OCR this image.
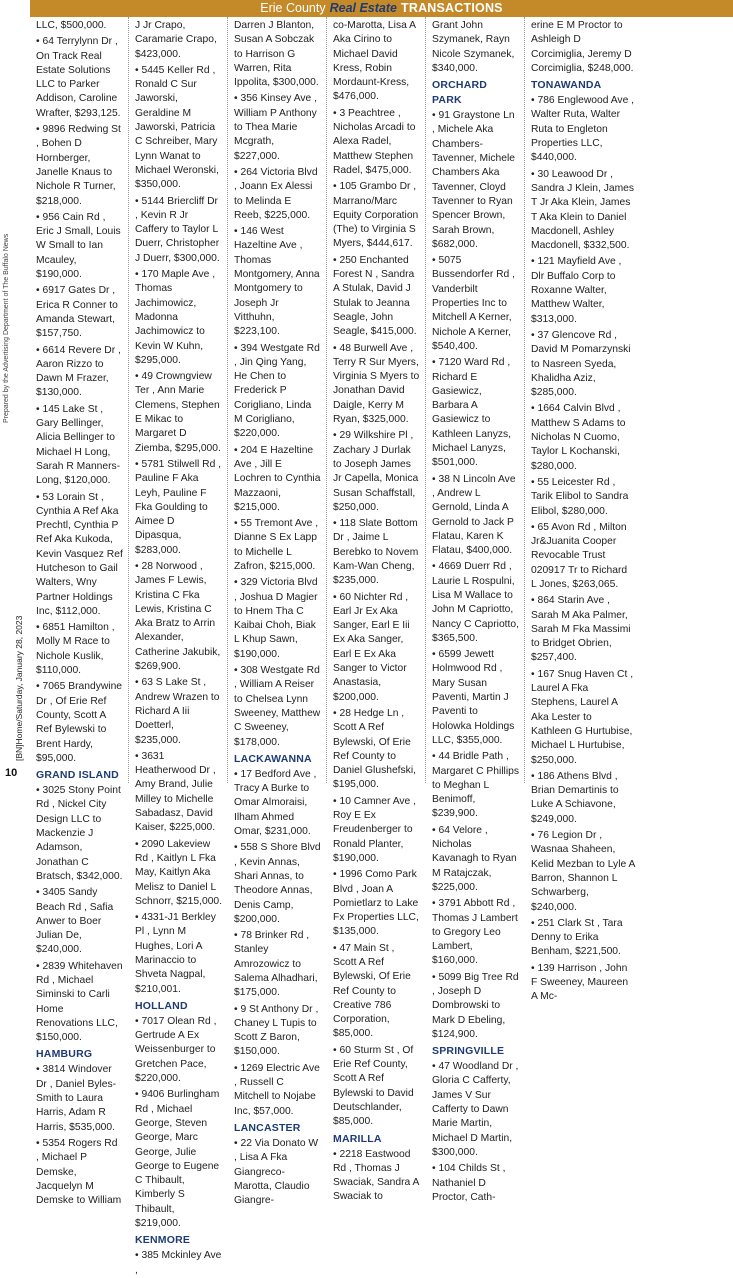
Erie County Real Estate TRANSACTIONS
Prepared by the Advertising Department of The Buffalo News
[BN]Home/Saturday, January 28, 2023
10
LLC, $500,000.
• 64 Terrylynn Dr , On Track Real Estate Solutions LLC to Parker Addison, Caroline Wrafter, $293,125.
• 9896 Redwing St , Bohen D Hornberger, Janelle Knaus to Nichole R Turner, $218,000.
• 956 Cain Rd , Eric J Small, Louis W Small to Ian Mcauley, $190,000.
• 6917 Gates Dr , Erica R Conner to Amanda Stewart, $157,750.
• 6614 Revere Dr , Aaron Rizzo to Dawn M Frazer, $130,000.
• 145 Lake St , Gary Bellinger, Alicia Bellinger to Michael H Long, Sarah R Manners-Long, $120,000.
• 53 Lorain St , Cynthia A Ref Aka Prechtl, Cynthia P Ref Aka Kukoda, Kevin Vasquez Ref Hutcheson to Gail Walters, Wny Partner Holdings Inc, $112,000.
• 6851 Hamilton , Molly M Race to Nichole Kuslik, $110,000.
• 7065 Brandywine Dr , Of Erie Ref County, Scott A Ref Bylewski to Brent Hardy, $95,000.
GRAND ISLAND
• 3025 Stony Point Rd , Nickel City Design LLC to Mackenzie J Adamson, Jonathan C Bratsch, $342,000.
• 3405 Sandy Beach Rd , Safia Anwer to Boer Julian De, $240,000.
• 2839 Whitehaven Rd , Michael Siminski to Carli Home Renovations LLC, $150,000.
HAMBURG
• 3814 Windover Dr , Daniel Byles-Smith to Laura Harris, Adam R Harris, $535,000.
• 5354 Rogers Rd , Michael P Demske, Jacquelyn M Demske to William
J Jr Crapo, Caramarie Crapo, $423,000.
• 5445 Keller Rd , Ronald C Sur Jaworski, Geraldine M Jaworski, Patricia C Schreiber, Mary Lynn Wanat to Michael Weronski, $350,000.
• 5144 Briercliff Dr , Kevin R Jr Caffery to Taylor L Duerr, Christopher J Duerr, $300,000.
• 170 Maple Ave , Thomas Jachimowicz, Madonna Jachimowicz to Kevin W Kuhn, $295,000.
• 49 Crowngview Ter , Ann Marie Clemens, Stephen E Mikac to Margaret D Ziemba, $295,000.
• 5781 Stilwell Rd , Pauline F Aka Leyh, Pauline F Fka Goulding to Aimee D Dipasqua, $283,000.
• 28 Norwood , James F Lewis, Kristina C Fka Lewis, Kristina C Aka Bratz to Arrin Alexander, Catherine Jakubik, $269,900.
• 63 S Lake St , Andrew Wrazen to Richard A Iii Doetterl, $235,000.
• 3631 Heatherwood Dr , Amy Brand, Julie Milley to Michelle Sabadasz, David Kaiser, $225,000.
• 2090 Lakeview Rd , Kaitlyn L Fka May, Kaitlyn Aka Melisz to Daniel L Schnorr, $215,000.
• 4331-J1 Berkley Pl , Lynn M Hughes, Lori A Marinaccio to Shveta Nagpal, $210,001.
HOLLAND
• 7017 Olean Rd , Gertrude A Ex Weissenburger to Gretchen Pace, $220,000.
• 9406 Burlingham Rd , Michael George, Steven George, Marc George, Julie George to Eugene C Thibault, Kimberly S Thibault, $219,000.
KENMORE
• 385 Mckinley Ave ,
Darren J Blanton, Susan A Sobczak to Harrison G Warren, Rita Ippolita, $300,000.
• 356 Kinsey Ave , William P Anthony to Thea Marie Mcgrath, $227,000.
• 264 Victoria Blvd , Joann Ex Alessi to Melinda E Reeb, $225,000.
• 146 West Hazeltine Ave , Thomas Montgomery, Anna Montgomery to Joseph Jr Vitthuhn, $223,100.
• 394 Westgate Rd , Jin Qing Yang, He Chen to Frederick P Corigliano, Linda M Corigliano, $220,000.
• 204 E Hazeltine Ave , Jill E Lochren to Cynthia Mazzaoni, $215,000.
• 55 Tremont Ave , Dianne S Ex Lapp to Michelle L Zafron, $215,000.
• 329 Victoria Blvd , Joshua D Magier to Hnem Tha C Kaibai Choh, Biak L Khup Sawn, $190,000.
• 308 Westgate Rd , William A Reiser to Chelsea Lynn Sweeney, Matthew C Sweeney, $178,000.
LACKAWANNA
• 17 Bedford Ave , Tracy A Burke to Omar Almoraisi, Ilham Ahmed Omar, $231,000.
• 558 S Shore Blvd , Kevin Annas, Shari Annas, to Theodore Annas, Denis Camp, $200,000.
• 78 Brinker Rd , Stanley Amrozowicz to Salema Alhadhari, $175,000.
• 9 St Anthony Dr , Chaney L Tupis to Scott Z Baron, $150,000.
• 1269 Electric Ave , Russell C Mitchell to Nojabe Inc, $57,000.
LANCASTER
• 22 Via Donato W , Lisa A Fka Giangreco-Marotta, Claudio Giangre-
co-Marotta, Lisa A Aka Cirino to Michael David Kress, Robin Mordaunt-Kress, $476,000.
• 3 Peachtree , Nicholas Arcadi to Alexa Radel, Matthew Stephen Radel, $475,000.
• 105 Grambo Dr , Marrano/Marc Equity Corporation (The) to Virginia S Myers, $444,617.
• 250 Enchanted Forest N , Sandra A Stulak, David J Stulak to Jeanna Seagle, John Seagle, $415,000.
• 48 Burwell Ave , Terry R Sur Myers, Virginia S Myers to Jonathan David Daigle, Kerry M Ryan, $325,000.
• 29 Wilkshire Pl , Zachary J Durlak to Joseph James Jr Capella, Monica Susan Schaffstall, $250,000.
• 118 Slate Bottom Dr , Jaime L Berebko to Novem Kam-Wan Cheng, $235,000.
• 60 Nichter Rd , Earl Jr Ex Aka Sanger, Earl E Iii Ex Aka Sanger, Earl E Ex Aka Sanger to Victor Anastasia, $200,000.
• 28 Hedge Ln , Scott A Ref Bylewski, Of Erie Ref County to Daniel Glushefski, $195,000.
• 10 Camner Ave , Roy E Ex Freudenberger to Ronald Planter, $190,000.
• 1996 Como Park Blvd , Joan A Pomietlarz to Lake Fx Properties LLC, $135,000.
• 47 Main St , Scott A Ref Bylewski, Of Erie Ref County to Creative 786 Corporation, $85,000.
• 60 Sturm St , Of Erie Ref County, Scott A Ref Bylewski to David Deutschlander, $85,000.
MARILLA
• 2218 Eastwood Rd , Thomas J Swaciak, Sandra A Swaciak to
Grant John Szymanek, Rayn Nicole Szymanek, $340,000.
ORCHARD PARK
• 91 Graystone Ln , Michele Aka Chambers-Tavenner, Michele Chambers Aka Tavenner, Cloyd Tavenner to Ryan Spencer Brown, Sarah Brown, $682,000.
• 5075 Bussendorfer Rd , Vanderbilt Properties Inc to Mitchell A Kerner, Nichole A Kerner, $540,400.
• 7120 Ward Rd , Richard E Gasiewicz, Barbara A Gasiewicz to Kathleen Lanyzs, Michael Lanyzs, $501,000.
• 38 N Lincoln Ave , Andrew L Gernold, Linda A Gernold to Jack P Flatau, Karen K Flatau, $400,000.
• 4669 Duerr Rd , Laurie L Rospulni, Lisa M Wallace to John M Capriotto, Nancy C Capriotto, $365,500.
• 6599 Jewett Holmwood Rd , Mary Susan Paventi, Martin J Paventi to Holowka Holdings LLC, $355,000.
• 44 Bridle Path , Margaret C Phillips to Meghan L Benimoff, $239,900.
• 64 Velore , Nicholas Kavanagh to Ryan M Ratajczak, $225,000.
• 3791 Abbott Rd , Thomas J Lambert to Gregory Leo Lambert, $160,000.
• 5099 Big Tree Rd , Joseph D Dombrowski to Mark D Ebeling, $124,900.
SPRINGVILLE
• 47 Woodland Dr , Gloria C Cafferty, James V Sur Cafferty to Dawn Marie Martin, Michael D Martin, $300,000.
• 104 Childs St , Nathaniel D Proctor, Cath-
erine E M Proctor to Ashleigh D Corcimiglia, Jeremy D Corcimiglia, $248,000.
TONAWANDA
• 786 Englewood Ave , Walter Ruta, Walter Ruta to Engleton Properties LLC, $440,000.
• 30 Leawood Dr , Sandra J Klein, James T Jr Aka Klein, James T Aka Klein to Daniel Macdonell, Ashley Macdonell, $332,500.
• 121 Mayfield Ave , Dlr Buffalo Corp to Roxanne Walter, Matthew Walter, $313,000.
• 37 Glencove Rd , David M Pomarzynski to Nasreen Syeda, Khalidha Aziz, $285,000.
• 1664 Calvin Blvd , Matthew S Adams to Nicholas N Cuomo, Taylor L Kochanski, $280,000.
• 55 Leicester Rd , Tarik Elibol to Sandra Elibol, $280,000.
• 65 Avon Rd , Milton Jr&Juanita Cooper Revocable Trust 020917 Tr to Richard L Jones, $263,065.
• 864 Starin Ave , Sarah M Aka Palmer, Sarah M Fka Massimi to Bridget Obrien, $257,400.
• 167 Snug Haven Ct , Laurel A Fka Stephens, Laurel A Aka Lester to Kathleen G Hurtubise, Michael L Hurtubise, $250,000.
• 186 Athens Blvd , Brian Demartinis to Luke A Schiavone, $249,000.
• 76 Legion Dr , Wasnaa Shaheen, Kelid Mezban to Lyle A Barron, Shannon L Schwarberg, $240,000.
• 251 Clark St , Tara Denny to Erika Benham, $221,500.
• 139 Harrison , John F Sweeney, Maureen A Mc-
